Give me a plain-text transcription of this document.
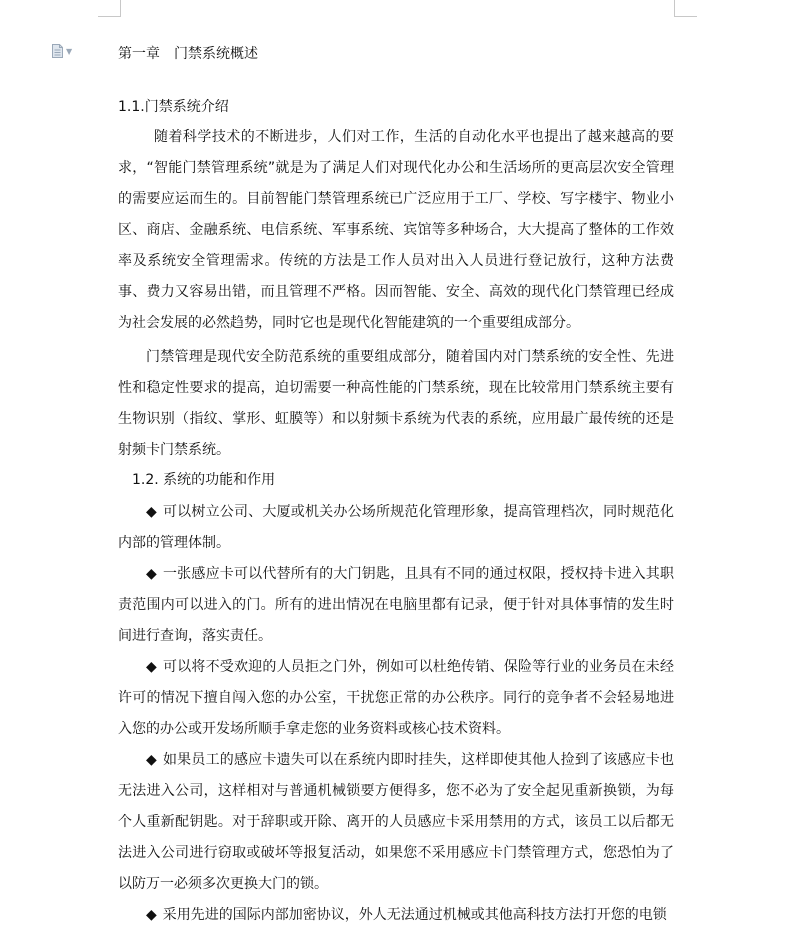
▼	第一章　门禁系统概述
1.1.门禁系统介绍

随着科学技术的不断进步，人们对工作，生活的自动化水平也提出了越来越高的要求，“智能门禁管理系统”就是为了满足人们对现代化办公和生活场所的更高层次安全管理的需要应运而生的。目前智能门禁管理系统已广泛应用于工厂、学校、写字楼宇、物业小区、商店、金融系统、电信系统、军事系统、宾馆等多种场合，大大提高了整体的工作效率及系统安全管理需求。传统的方法是工作人员对出入人员进行登记放行，这种方法费事、费力又容易出错，而且管理不严格。因而智能、安全、高效的现代化门禁管理已经成为社会发展的必然趋势，同时它也是现代化智能建筑的一个重要组成部分。

门禁管理是现代安全防范系统的重要组成部分，随着国内对门禁系统的安全性、先进性和稳定性要求的提高，迫切需要一种高性能的门禁系统，现在比较常用门禁系统主要有生物识别（指纹、掌形、虹膜等）和以射频卡系统为代表的系统，应用最广最传统的还是射频卡门禁系统。

1.2. 系统的功能和作用

◆ 可以树立公司、大厦或机关办公场所规范化管理形象，提高管理档次，同时规范化内部的管理体制。

◆ 一张感应卡可以代替所有的大门钥匙，且具有不同的通过权限，授权持卡进入其职责范围内可以进入的门。所有的进出情况在电脑里都有记录，便于针对具体事情的发生时间进行查询，落实责任。

◆ 可以将不受欢迎的人员拒之门外，例如可以杜绝传销、保险等行业的业务员在未经许可的情况下擅自闯入您的办公室，干扰您正常的办公秩序。同行的竞争者不会轻易地进入您的办公或开发场所顺手拿走您的业务资料或核心技术资料。

◆ 如果员工的感应卡遗失可以在系统内即时挂失，这样即使其他人捡到了该感应卡也无法进入公司，这样相对与普通机械锁要方便得多，您不必为了安全起见重新换锁，为每个人重新配钥匙。对于辞职或开除、离开的人员感应卡采用禁用的方式，该员工以后都无法进入公司进行窃取或破坏等报复活动，如果您不采用感应卡门禁管理方式，您恐怕为了以防万一必须多次更换大门的锁。

◆ 采用先进的国际内部加密协议，外人无法通过机械或其他高科技方法打开您的电锁
